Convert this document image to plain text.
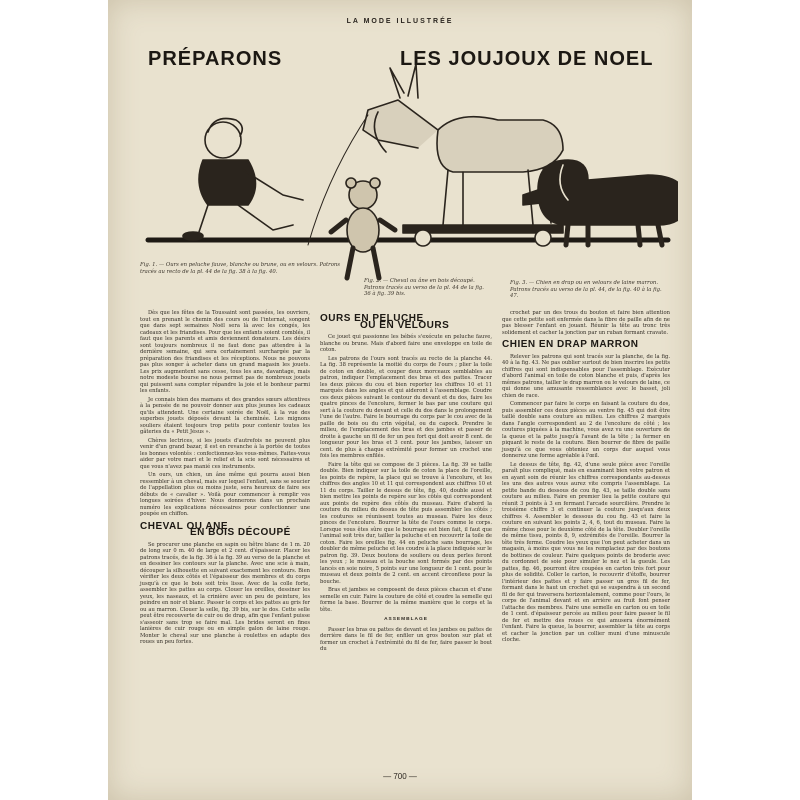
LA MODE ILLUSTRÉE
PRÉPARONS	LES JOUJOUX DE NOEL
Fig. 1. — Ours en peluche fauve, blanche ou brune, ou en velours. Patrons tracés au recto de la pl. 44 de la fig. 38 à la fig. 40.
Fig. 2. — Cheval ou âne en bois découpé. Patrons tracés au verso de la pl. 44 de la fig. 36 à fig. 39 bis.
Fig. 3. — Chien en drap ou en velours de laine marron. Patrons tracés au verso de la pl. 44, de la fig. 40 à la fig. 47.

Dès que les fêtes de la Toussaint sont passées, les ouvriers, tout en prenant le chemin des cours ou de l'internat, songent que dans sept semaines Noël sera là avec les congés, les cadeaux et les friandises. Pour que les enfants soient comblés, il faut que les parents et amis deviennent donateurs. Les désirs sont toujours nombreux il ne faut donc pas attendre à la dernière semaine, qui sera certainement surchargée par la préparation des friandises et les réceptions. Nous ne pouvons pas plus songer à acheter dans un grand magasin les jouets. Les prix augmentent sans cesse, tous les ans, davantage, mais notre modeste bourse ne nous permet pas de nombreux jouets qui puissent sans compter répandre la joie et le bonheur parmi les enfants.

Je connais bien des mamans et des grandes sœurs attentives à la pensée de ne pouvoir donner aux plus jeunes les cadeaux qu'ils attendent. Une certaine soirée de Noël, à la vue des superbes jouets déposés devant la cheminée. Les mignons souliers étaient toujours trop petits pour contenir toutes les gâteries du « Petit Jésus ».

Chères lectrices, si les jouets d'autrefois ne peuvent plus venir d'un grand bazar, il est en revanche à la portée de toutes les bonnes volontés : confectionnez-les vous-mêmes. Faites-vous aider par votre mari et le relief et la scie sont nécessaires et que vous n'avez pas manié ces instruments.

Un ours, un chien, un âne même qui pourra aussi bien ressembler à un cheval, mais sur lequel l'enfant, sans se soucier de l'appellation plus ou moins juste, sera heureux de faire ses débuts de « cavalier ». Voilà pour commencer à remplir vos longues soirées d'hiver. Nous donnerons dans un prochain numéro les explications nécessaires pour confectionner une poupée en chiffon.

CHEVAL OU ANE
EN BOIS DÉCOUPÉ

Se procurer une planche en sapin ou hêtre blanc de 1 m. 20 de long sur 0 m. 40 de large et 2 cent. d'épaisseur. Placer les patrons tracés, de la fig. 36 à la fig. 39 au verso de la planche et en dessiner les contours sur la planche. Avec une scie à main, découper la silhouette en suivant exactement les contours. Bien vérifier les deux côtés et l'épaisseur des membres et du corps jusqu'à ce que le bois soit très lisse. Avec de la colle forte, assembler les pattes au corps. Clouer les oreilles, dessiner les yeux, les naseaux, et la crinière avec un peu de peinture, les peindre en noir et blanc. Passer le corps et les pattes au gris fer ou au marron. Clouer la selle, fig. 39 bis, sur le dos. Cette selle peut être recouverte de cuir ou de drap, afin que l'enfant puisse s'asseoir sans trop se faire mal. Les brides seront en fines lanières de cuir rouge ou en simple galon de laine rouge. Monter le cheval sur une planche à roulettes en adapte des roues un peu fortes.

OURS EN PELUCHE
OU EN VELOURS

Ce jouet qui passionne les bébés s'exécute en peluche fauve, blanche ou brune. Mais d'abord faire une enveloppe en toile de coton.

Les patrons de l'ours sont tracés au recto de la planche 44. La fig. 38 représente la moitié du corps de l'ours ; plier la toile de coton en double, et couper deux morceaux semblables au patron, indiquer l'emplacement des bras et des pattes. Tracer les deux pièces du cou et bien reporter les chiffres 10 et 11 marqués dans les angles et qui aideront à l'assemblage. Coudre ces deux pièces suivant le contour du devant et du dos, faire les quatre pinces de l'encolure, fermer le bas par une couture qui sert à la couture du devant et celle du dos dans le prolongement l'une de l'autre. Faire le bourrage du corps par le cou avec de la paille de bois ou du crin végétal, ou du capock. Prendre le milieu, de l'emplacement des bras et des jambes et passer de droite à gauche un fil de fer un peu fort qui doit avoir 8 cent. de longueur pour les bras et 3 cent. pour les jambes, laisser un cent. de plus à chaque extrémité pour former un crochet une fois les membres enfilés.

Faire la tête qui se compose de 3 pièces. La fig. 39 se taille double. Bien indiquer sur la toile de coton la place de l'oreille, les points de repère, la place qui se trouve à l'encolure, et les chiffres des angles 10 et 11 qui correspondent aux chiffres 10 et 11 du corps. Tailler le dessus de tête, fig. 40, double aussi et bien mettre les points de repère sur les côtés qui correspondent aux points de repère des côtés du museau. Faire d'abord la couture du milieu du dessus de tête puis assembler les côtés ; les coutures se réunissent toutes au museau. Faire les deux pinces de l'encolure. Bourrer la tête de l'ours comme le corps. Lorsque vous êtes sûre que le bourrage est bien fait, il faut que l'animal soit très dur, tailler la peluche et en recouvrir la toile de coton. Faire les oreilles fig. 44 en peluche sans bourrage, les doubler de même peluche et les coudre à la place indiquée sur le patron fig. 39. Deux boutons de souliers ou deux perles feront les yeux ; le museau et la bouche sont formés par des points lancés en soie noire, 5 points sur une longueur de 1 cent. pour le museau et deux points de 2 cent. en accent circonflexe pour la bouche.

Bras et jambes se composent de deux pièces chacun et d'une semelle en cuir. Faire la couture de côté et coudre la semelle qui forme la base. Bourrer de la même manière que le corps et la tête.

ASSEMBLAGE

Passer les bras ou pattes de devant et les jambes ou pattes de derrière dans le fil de fer, enfiler un gros bouton sur plat et former un crochet à l'extrémité du fil de fer, faire passer le bout du

crochet par un des trous du bouton et faire bien attention que cette petite soit enfermée dans la fibre de paille afin de ne pas blesser l'enfant en jouant. Réunir la tête au tronc très solidement et cacher la jonction par un ruban formant cravate.

CHIEN EN DRAP MARRON

Relever les patrons qui sont tracés sur la planche, de la fig. 40 à la fig. 43. Ne pas oublier surtout de bien inscrire les petits chiffres qui sont indispensables pour l'assemblage. Exécuter d'abord l'animal en toile de coton blanche et puis, d'après les mêmes patrons, tailler le drap marron ou le velours de laine, ce qui donne une amusante ressemblance avec le basset, joli chien de race.

Commencer par faire le corps en faisant la couture du dos, puis assembler ces deux pièces au ventre fig. 45 qui doit être taillé double sans couture au milieu. Les chiffres 2 marqués dans l'angle correspondent au 2 de l'encolure de côté ; les coutures piquées à la machine, vous avez vu une ouverture de la queue et la patte jusqu'à l'avant de la tête ; la fermer en piquant le reste de la couture. Bien bourrer de fibre de paille jusqu'à ce que vous obteniez un corps dur auquel vous donnerez une forme agréable à l'œil.

Le dessus de tête, fig. 42, d'une seule pièce avec l'oreille paraît plus compliqué, mais en examinant bien votre patron et en ayant soin de réunir les chiffres correspondants au-dessus les uns des autres vous aurez vite compris l'assemblage. La petite bande du dessous de cou fig. 43, se taille double sans couture au milieu. Faire en premier lieu la petite couture qui réunit 3 points à 3 en fermant l'arcade sourcilière. Prendre le troisième chiffre 3 et continuer la couture jusqu'aux deux chiffres 4. Assembler le dessous du cou fig. 43 et faire la couture en suivant les points 2, 4, 6, tout du museau. Faire la même chose pour le deuxième côté de la tête. Doubler l'oreille de même tissu, points 8, 9, extrémités de l'oreille. Bourrer la tête très ferme. Coudre les yeux que l'on peut acheter dans un magasin, à moins que vous ne les remplaciez par des boutons de bottines de couleur. Faire quelques points de broderie avec du cordonnet de soie pour simuler le nez et la gueule. Les pattes, fig. 46, pourront être coupées en carton très fort pour plus de solidité. Coller le carton, le recouvrir d'étoffe, bourrer l'intérieur des pattes et y faire passer un gros fil de fer, formant dans le haut un crochet qui se suspendra à un second fil de fer qui traversera horizontalement, comme pour l'ours, le corps de l'animal devant et en arrière au fruit font penser l'attache des membres. Faire une semelle en carton ou en toile de 1 cent. d'épaisseur percée au milieu pour faire passer le fil de fer et mettre des roues ce qui amusera énormément l'enfant. Faire la queue, la bourrer, assembler la tête au corps et cacher la jonction par un collier muni d'une minuscule cloche.

— 700 —
